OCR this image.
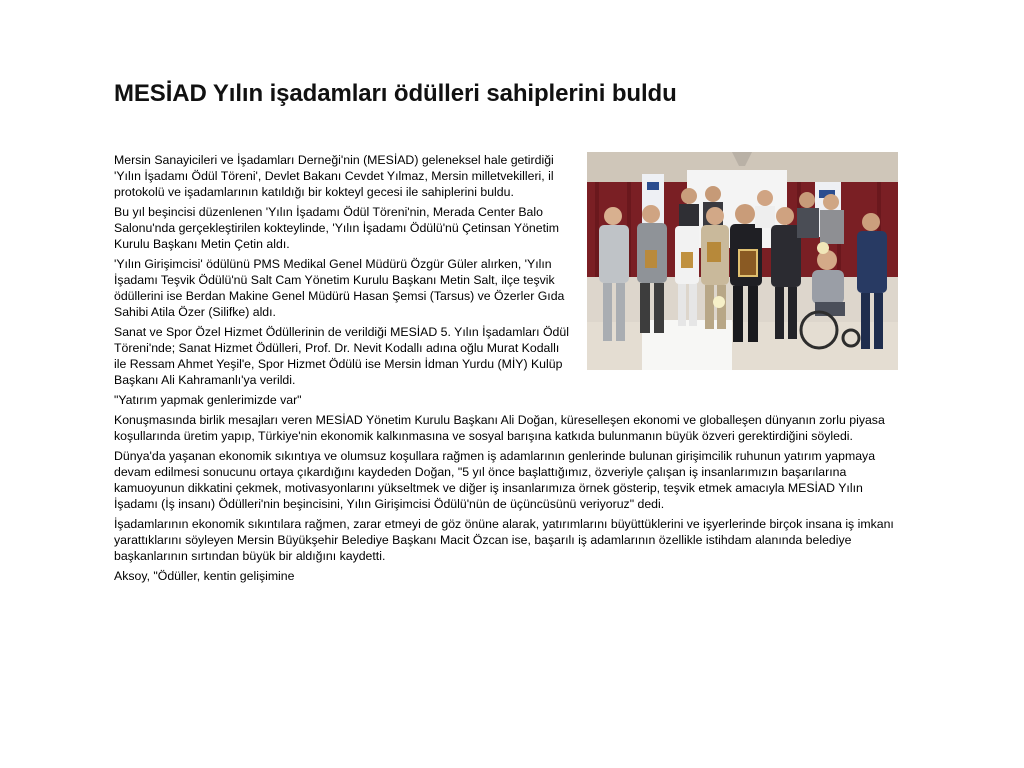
MESİAD Yılın işadamları ödülleri sahiplerini buldu

Mersin Sanayicileri ve İşadamları Derneği'nin (MESİAD) geleneksel hale getirdiği 'Yılın İşadamı Ödül Töreni', Devlet Bakanı Cevdet Yılmaz, Mersin milletvekilleri, il protokolü ve işadamlarının katıldığı bir kokteyl gecesi ile sahiplerini buldu.

Bu yıl beşincisi düzenlenen 'Yılın İşadamı Ödül Töreni'nin, Merada Center Balo Salonu'nda gerçekleştirilen kokteylinde, 'Yılın İşadamı Ödülü'nü Çetinsan Yönetim Kurulu Başkanı Metin Çetin aldı.

'Yılın Girişimcisi' ödülünü PMS Medikal Genel Müdürü Özgür Güler alırken, 'Yılın İşadamı Teşvik Ödülü'nü Salt Cam Yönetim Kurulu Başkanı Metin Salt, ilçe teşvik ödüllerini ise Berdan Makine Genel Müdürü Hasan Şemsi (Tarsus) ve Özerler Gıda Sahibi Atila Özer (Silifke) aldı.

Sanat ve Spor Özel Hizmet Ödüllerinin de verildiği MESİAD 5. Yılın İşadamları Ödül Töreni'nde; Sanat Hizmet Ödülleri, Prof. Dr. Nevit Kodallı adına oğlu Murat Kodallı ile Ressam Ahmet Yeşil'e, Spor Hizmet Ödülü ise Mersin İdman Yurdu (MİY) Kulüp Başkanı Ali Kahramanlı'ya verildi.

"Yatırım yapmak genlerimizde var"

Konuşmasında birlik mesajları veren MESİAD Yönetim Kurulu Başkanı Ali Doğan, küreselleşen ekonomi ve globalleşen dünyanın zorlu piyasa koşullarında üretim yapıp, Türkiye'nin ekonomik kalkınmasına ve sosyal barışına katkıda bulunmanın büyük özveri gerektirdiğini söyledi.

Dünya'da yaşanan ekonomik sıkıntıya ve olumsuz koşullara rağmen iş adamlarının genlerinde bulunan girişimcilik ruhunun yatırım yapmaya devam edilmesi sonucunu ortaya çıkardığını kaydeden Doğan, "5 yıl önce başlattığımız, özveriyle çalışan iş insanlarımızın başarılarına kamuoyunun dikkatini çekmek, motivasyonlarını yükseltmek ve diğer iş insanlarımıza örnek gösterip, teşvik etmek amacıyla MESİAD Yılın İşadamı (İş insanı) Ödülleri'nin beşincisini, Yılın Girişimcisi Ödülü'nün de üçüncüsünü veriyoruz" dedi.

İşadamlarının ekonomik sıkıntılara rağmen, zarar etmeyi de göz önüne alarak, yatırımlarını büyüttüklerini ve işyerlerinde birçok insana iş imkanı yarattıklarını söyleyen Mersin Büyükşehir Belediye Başkanı Macit Özcan ise, başarılı iş adamlarının özellikle istihdam alanında belediye başkanlarının sırtından büyük bir aldığını kaydetti.

Aksoy, "Ödüller, kentin gelişimine
